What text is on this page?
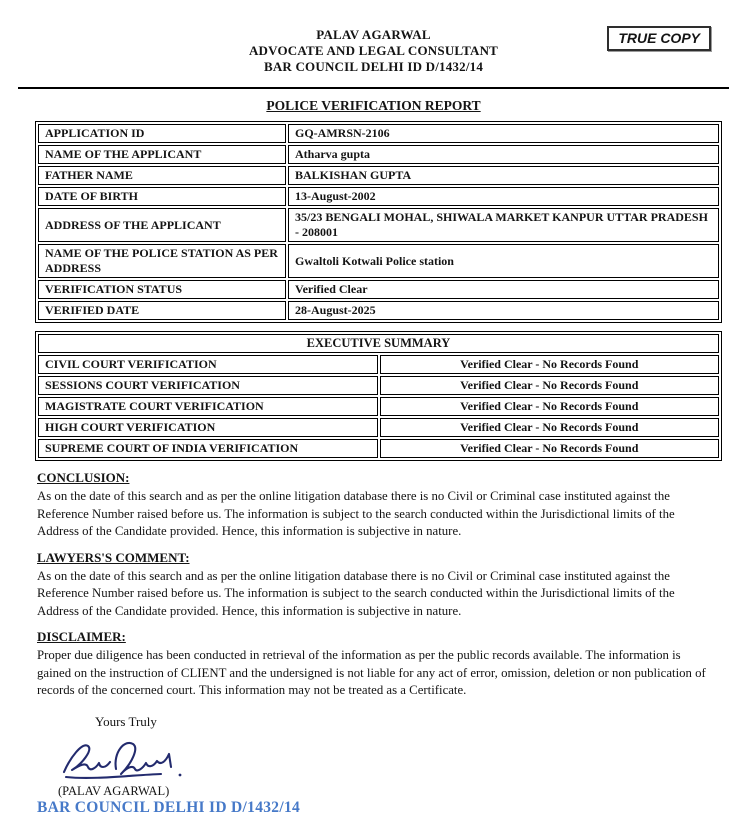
PALAV AGARWAL
ADVOCATE AND LEGAL CONSULTANT
BAR COUNCIL DELHI ID D/1432/14
TRUE COPY
POLICE VERIFICATION REPORT
APPLICATION ID	GQ-AMRSN-2106
NAME OF THE APPLICANT	Atharva gupta
FATHER NAME	BALKISHAN GUPTA
DATE OF BIRTH	13-August-2002
ADDRESS OF THE APPLICANT	35/23 BENGALI MOHAL, SHIWALA MARKET KANPUR UTTAR PRADESH - 208001
NAME OF THE POLICE STATION AS PER ADDRESS	Gwaltoli Kotwali Police station
VERIFICATION STATUS	Verified Clear
VERIFIED DATE	28-August-2025
EXECUTIVE SUMMARY	
CIVIL COURT VERIFICATION	Verified Clear - No Records Found
SESSIONS COURT VERIFICATION	Verified Clear - No Records Found
MAGISTRATE COURT VERIFICATION	Verified Clear - No Records Found
HIGH COURT VERIFICATION	Verified Clear - No Records Found
SUPREME COURT OF INDIA VERIFICATION	Verified Clear - No Records Found
CONCLUSION:
As on the date of this search and as per the online litigation database there is no Civil or Criminal case instituted against the Reference Number raised before us. The information is subject to the search conducted within the Jurisdictional limits of the Address of the Candidate provided. Hence, this information is subjective in nature.
LAWYERS'S COMMENT:
As on the date of this search and as per the online litigation database there is no Civil or Criminal case instituted against the Reference Number raised before us. The information is subject to the search conducted within the Jurisdictional limits of the Address of the Candidate provided. Hence, this information is subjective in nature.
DISCLAIMER:
Proper due diligence has been conducted in retrieval of the information as per the public records available. The information is gained on the instruction of CLIENT and the undersigned is not liable for any act of error, omission, deletion or non publication of records of the concerned court. This information may not be treated as a Certificate.
Yours Truly
(PALAV AGARWAL)
BAR COUNCIL DELHI ID D/1432/14
